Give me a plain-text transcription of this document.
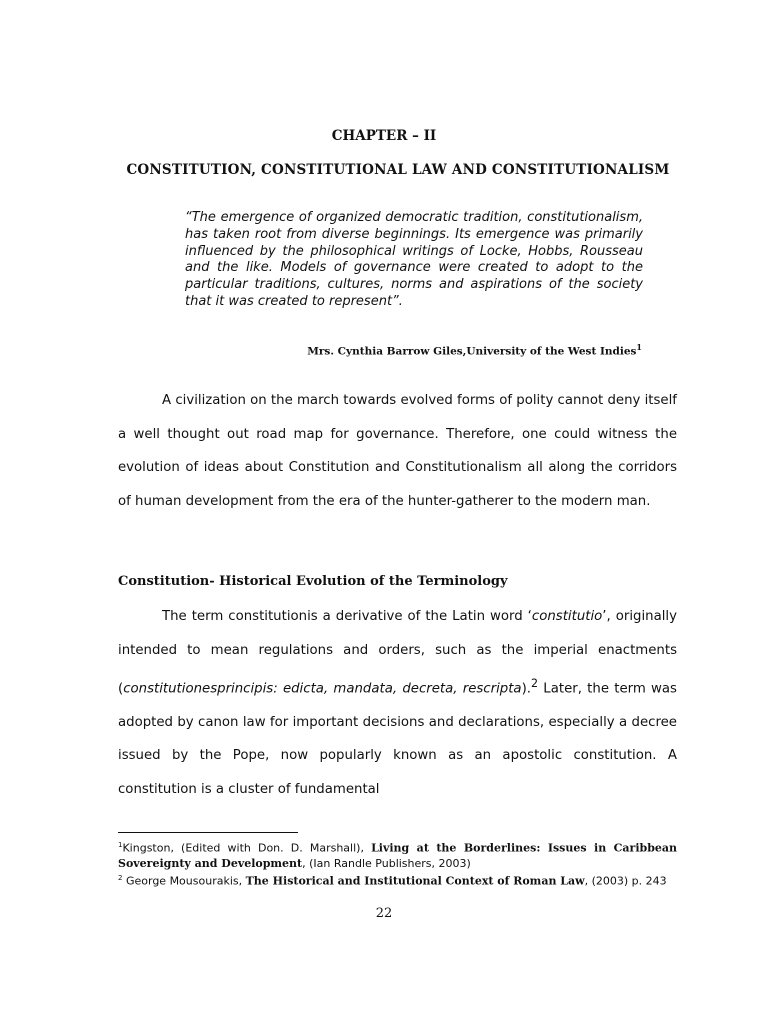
CHAPTER – II
CONSTITUTION, CONSTITUTIONAL LAW AND CONSTITUTIONALISM
“The emergence of organized democratic tradition, constitutionalism, has taken root from diverse beginnings. Its emergence was primarily influenced by the philosophical writings of Locke, Hobbs, Rousseau and the like. Models of governance were created to adopt to the particular traditions, cultures, norms and aspirations of the society that it was created to represent”.
Mrs. Cynthia Barrow Giles,University of the West Indies$^1$

A civilization on the march towards evolved forms of polity cannot deny itself a well thought out road map for governance. Therefore, one could witness the evolution of ideas about Constitution and Constitutionalism all along the corridors of human development from the era of the hunter-gatherer to the modern man.

Constitution- Historical Evolution of the Terminology

The term constitutionis a derivative of the Latin word ‘constitutio’, originally intended to mean regulations and orders, such as the imperial enactments (constitutionesprincipis: edicta, mandata, decreta, rescripta).$^2$ Later, the term was adopted by canon law for important decisions and declarations, especially a decree issued by the Pope, now popularly known as an apostolic constitution. A constitution is a cluster of fundamental

$^1$Kingston, (Edited with Don. D. Marshall), Living at the Borderlines: Issues in Caribbean Sovereignty and Development, (Ian Randle Publishers, 2003)

$^2$ George Mousourakis, The Historical and Institutional Context of Roman Law, (2003) p. 243

22
